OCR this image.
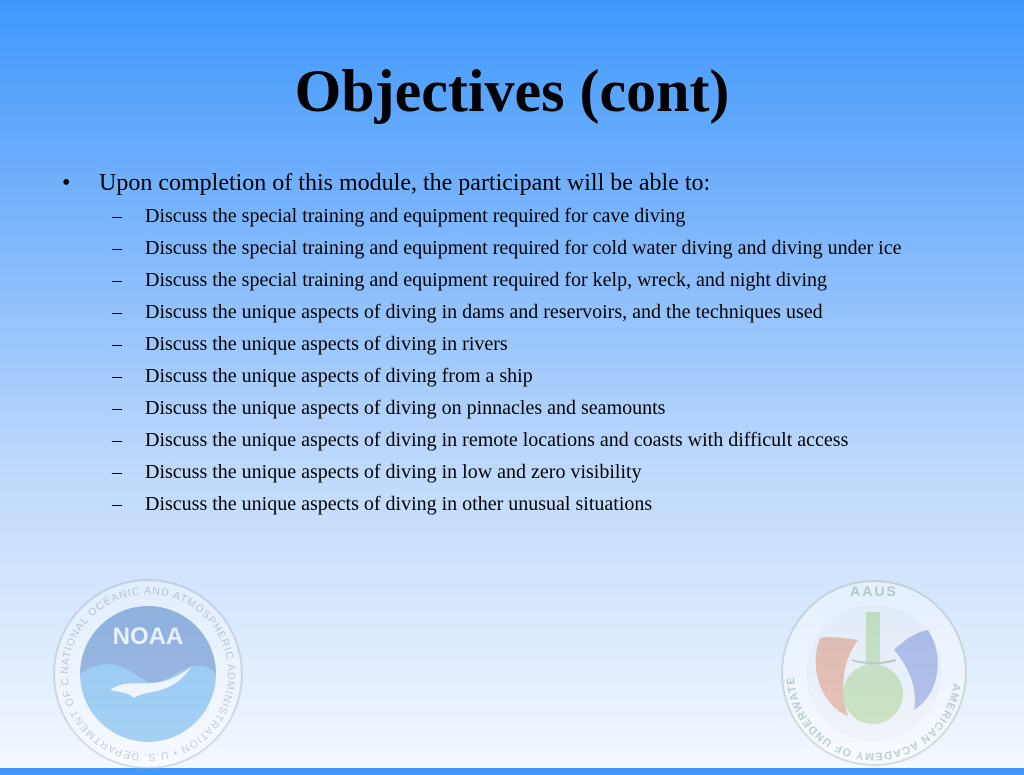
Objectives (cont)
• Upon completion of this module, the participant will be able to:
– Discuss the special training and equipment required for cave diving
– Discuss the special training and equipment required for cold water diving and diving under ice
– Discuss the special training and equipment required for kelp, wreck, and night diving
– Discuss the unique aspects of diving in dams and reservoirs, and the techniques used
– Discuss the unique aspects of diving in rivers
– Discuss the unique aspects of diving from a ship
– Discuss the unique aspects of diving on pinnacles and seamounts
– Discuss the unique aspects of diving in remote locations and coasts with difficult access
– Discuss the unique aspects of diving in low and zero visibility
– Discuss the unique aspects of diving in other unusual situations
NOAA
NATIONAL OCEANIC AND ATMOSPHERIC ADMINISTRATION • U.S. DEPARTMENT OF C
AAUS
AMERICAN ACADEMY OF UNDERWATE
